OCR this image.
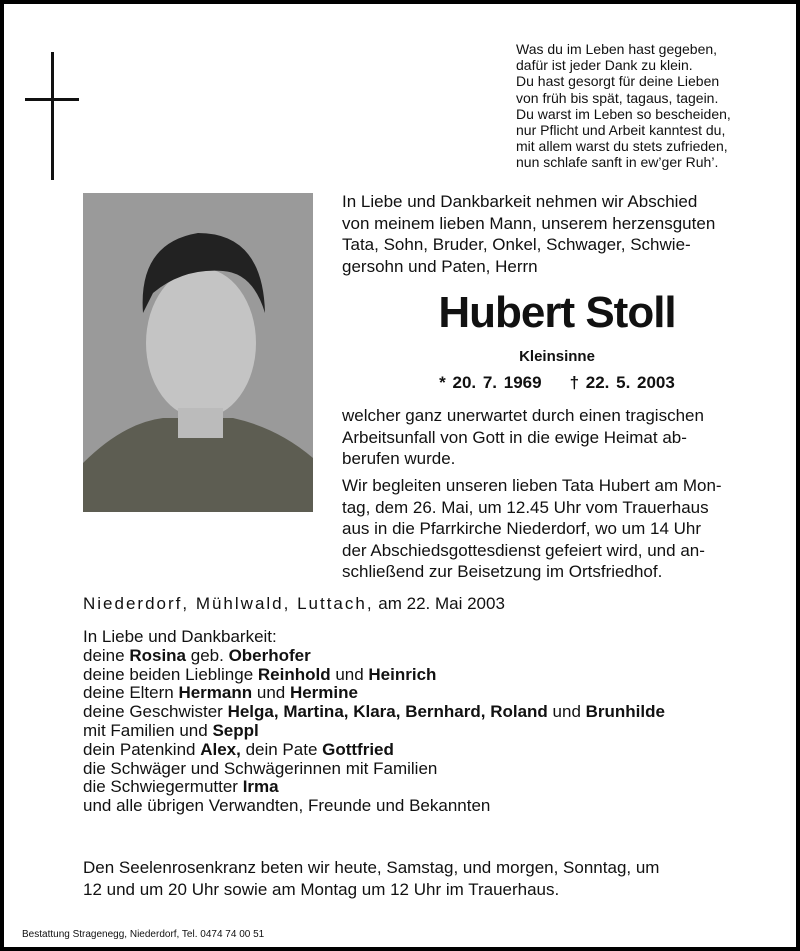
Was du im Leben hast gegeben,
dafür ist jeder Dank zu klein.
Du hast gesorgt für deine Lieben
von früh bis spät, tagaus, tagein.
Du warst im Leben so bescheiden,
nur Pflicht und Arbeit kanntest du,
mit allem warst du stets zufrieden,
nun schlafe sanft in ew’ger Ruh’.
In Liebe und Dankbarkeit nehmen wir Abschied
von meinem lieben Mann, unserem herzensguten
Tata, Sohn, Bruder, Onkel, Schwager, Schwie-
gersohn und Paten, Herrn
Hubert Stoll
Kleinsinne
* 20. 7. 1969 † 22. 5. 2003
welcher ganz unerwartet durch einen tragischen
Arbeitsunfall von Gott in die ewige Heimat ab-
berufen wurde.
Wir begleiten unseren lieben Tata Hubert am Mon-
tag, dem 26. Mai, um 12.45 Uhr vom Trauerhaus
aus in die Pfarrkirche Niederdorf, wo um 14 Uhr
der Abschiedsgottesdienst gefeiert wird, und an-
schließend zur Beisetzung im Ortsfriedhof.
Niederdorf, Mühlwald, Luttach, am 22. Mai 2003
In Liebe und Dankbarkeit:
deine Rosina geb. Oberhofer
deine beiden Lieblinge Reinhold und Heinrich
deine Eltern Hermann und Hermine
deine Geschwister Helga, Martina, Klara, Bernhard, Roland und Brunhilde
mit Familien und Seppl
dein Patenkind Alex, dein Pate Gottfried
die Schwäger und Schwägerinnen mit Familien
die Schwiegermutter Irma
und alle übrigen Verwandten, Freunde und Bekannten
Den Seelenrosenkranz beten wir heute, Samstag, und morgen, Sonntag, um
12 und um 20 Uhr sowie am Montag um 12 Uhr im Trauerhaus.
Bestattung Stragenegg, Niederdorf, Tel. 0474 74 00 51
